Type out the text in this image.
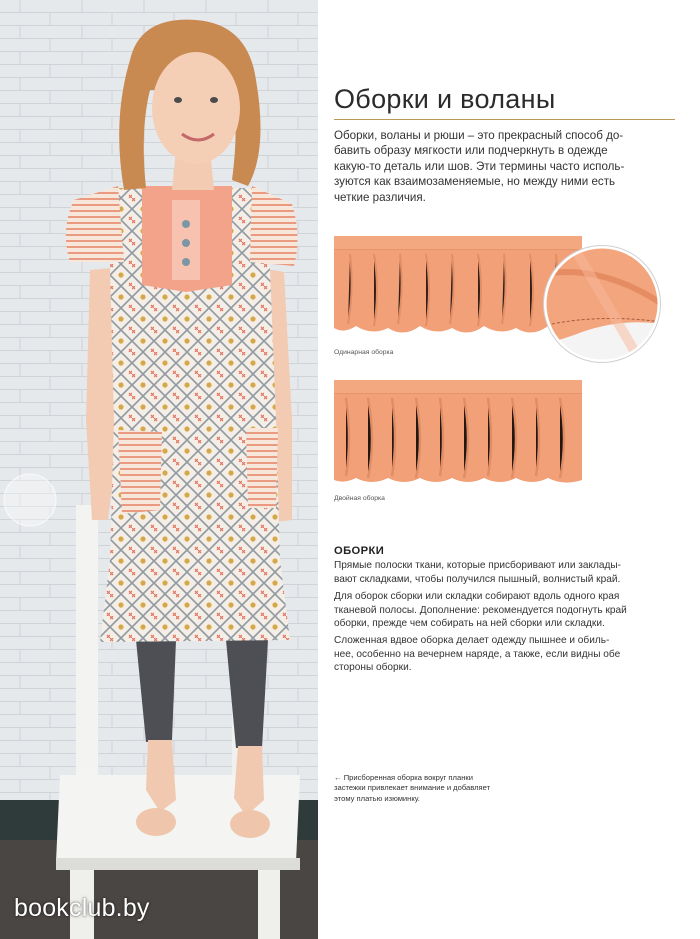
bookclub.by
Оборки и воланы

Оборки, воланы и рюши – это прекрасный способ до-
бавить образу мягкости или подчеркнуть в одежде
какую-то деталь или шов. Эти термины часто исполь-
зуются как взаимозаменяемые, но между ними есть
четкие различия.

Одинарная оборка
Двойная оборка
ОБОРКИ

Прямые полоски ткани, которые присборивают или заклады-
вают складками, чтобы получился пышный, волнистый край.

Для оборок сборки или складки собирают вдоль одного края
тканевой полосы. Дополнение: рекомендуется подогнуть край
оборки, прежде чем собирать на ней сборки или складки.

Сложенная вдвое оборка делает одежду пышнее и обиль-
нее, особенно на вечернем наряде, а также, если видны обе
стороны оборки.

← Присборенная оборка вокруг планки
застежки привлекает внимание и добавляет
этому платью изюминку.
